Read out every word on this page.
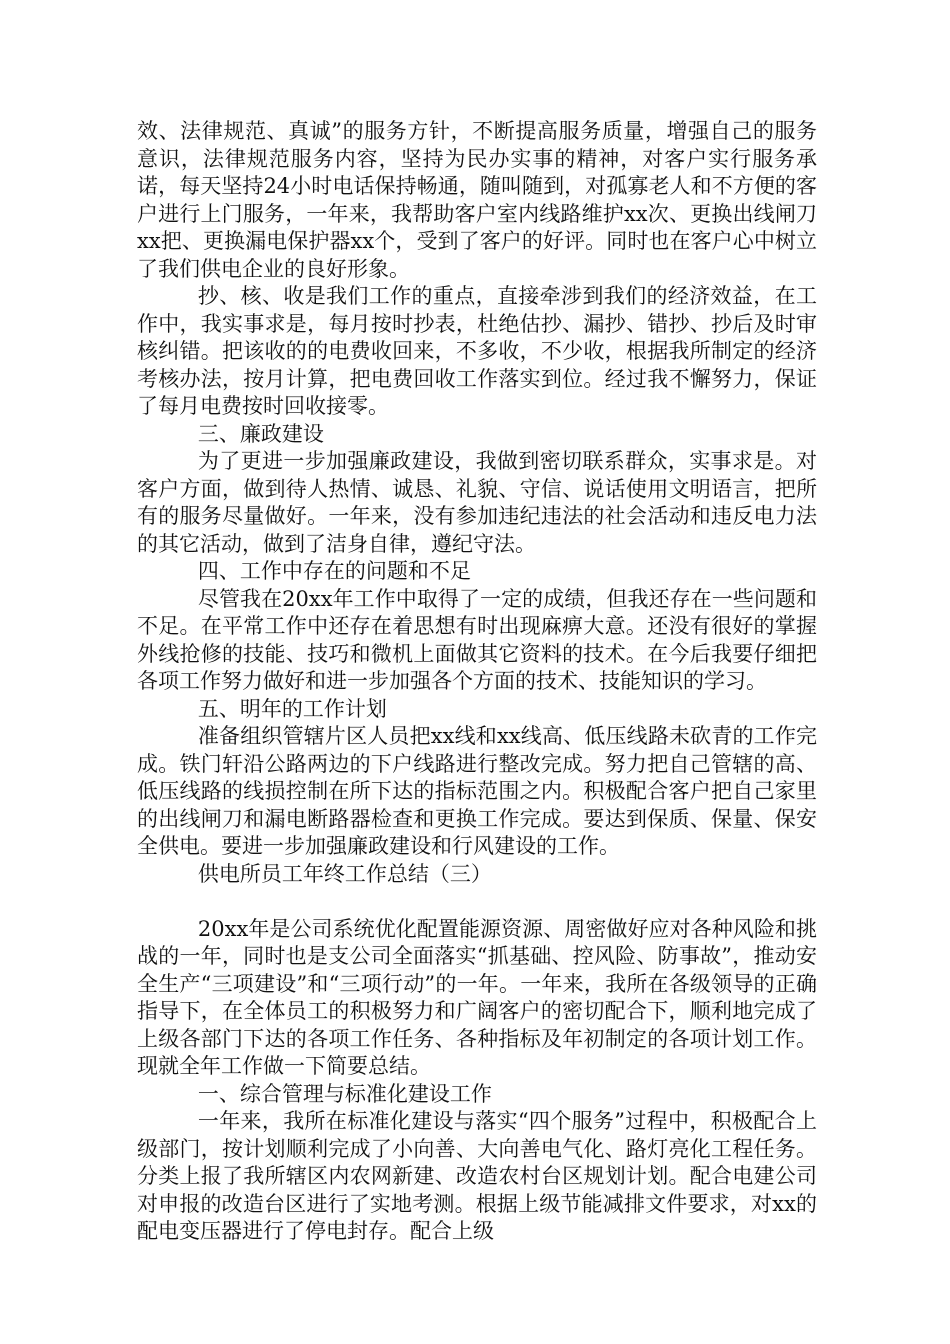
效、法律规范、真诚”的服务方针，不断提高服务质量，增强自己的服务意识，法律规范服务内容，坚持为民办实事的精神，对客户实行服务承诺，每天坚持24小时电话保持畅通，随叫随到，对孤寡老人和不方便的客户进行上门服务，一年来，我帮助客户室内线路维护xx次、更换出线闸刀xx把、更换漏电保护器xx个，受到了客户的好评。同时也在客户心中树立了我们供电企业的良好形象。

抄、核、收是我们工作的重点，直接牵涉到我们的经济效益，在工作中，我实事求是，每月按时抄表，杜绝估抄、漏抄、错抄、抄后及时审核纠错。把该收的的电费收回来，不多收，不少收，根据我所制定的经济考核办法，按月计算，把电费回收工作落实到位。经过我不懈努力，保证了每月电费按时回收接零。

三、廉政建设

为了更进一步加强廉政建设，我做到密切联系群众，实事求是。对客户方面，做到待人热情、诚恳、礼貌、守信、说话使用文明语言，把所有的服务尽量做好。一年来，没有参加违纪违法的社会活动和违反电力法的其它活动，做到了洁身自律，遵纪守法。

四、工作中存在的问题和不足

尽管我在20xx年工作中取得了一定的成绩，但我还存在一些问题和不足。在平常工作中还存在着思想有时出现麻痹大意。还没有很好的掌握外线抢修的技能、技巧和微机上面做其它资料的技术。在今后我要仔细把各项工作努力做好和进一步加强各个方面的技术、技能知识的学习。

五、明年的工作计划

准备组织管辖片区人员把xx线和xx线高、低压线路未砍青的工作完成。铁门轩沿公路两边的下户线路进行整改完成。努力把自己管辖的高、低压线路的线损控制在所下达的指标范围之内。积极配合客户把自己家里的出线闸刀和漏电断路器检查和更换工作完成。要达到保质、保量、保安全供电。要进一步加强廉政建设和行风建设的工作。

供电所员工年终工作总结（三）

20xx年是公司系统优化配置能源资源、周密做好应对各种风险和挑战的一年，同时也是支公司全面落实“抓基础、控风险、防事故”，推动安全生产“三项建设”和“三项行动”的一年。一年来，我所在各级领导的正确指导下，在全体员工的积极努力和广阔客户的密切配合下，顺利地完成了上级各部门下达的各项工作任务、各种指标及年初制定的各项计划工作。现就全年工作做一下简要总结。

一、综合管理与标准化建设工作

一年来，我所在标准化建设与落实“四个服务”过程中，积极配合上级部门，按计划顺利完成了小向善、大向善电气化、路灯亮化工程任务。分类上报了我所辖区内农网新建、改造农村台区规划计划。配合电建公司对申报的改造台区进行了实地考测。根据上级节能减排文件要求，对xx的配电变压器进行了停电封存。配合上级
